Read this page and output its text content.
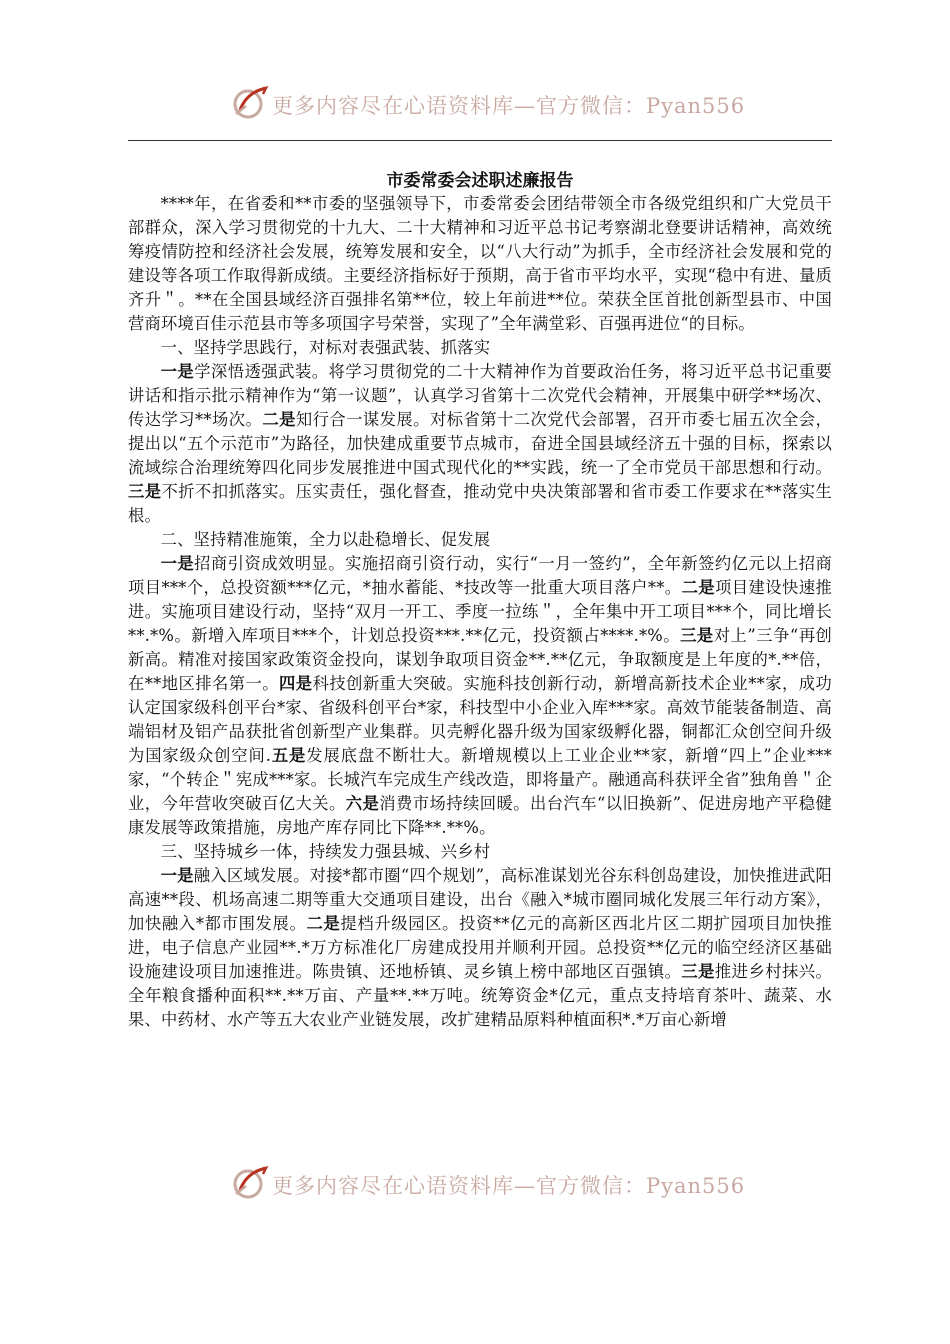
更多内容尽在心语资料库—官方微信：Pyan556
市委常委会述职述廉报告

****年，在省委和**市委的坚强领导下，市委常委会团结带领全市各级党组织和广大党员干部群众，深入学习贯彻党的十九大、二十大精神和习近平总书记考察湖北登要讲话精神，高效统筹疫情防控和经济社会发展，统筹发展和安全，以“八大行动”为抓手，全市经济社会发展和党的建设等各项工作取得新成绩。主要经济指标好于预期，高于省市平均水平，实现“稳中有进、量质齐升＂。**在全国县域经济百强排名第**位，较上年前进**位。荣获全匡首批创新型县市、中国营商环境百佳示范县市等多项国字号荣誉，实现了”全年满堂彩、百强再进位“的目标。

一、坚持学思践行，对标对表强武装、抓落实

一是学深悟透强武装。将学习贯彻党的二十大精神作为首要政治任务，将习近平总书记重要讲话和指示批示精神作为“第一议题”，认真学习省第十二次党代会精神，开展集中研学**场次、传达学习**场次。二是知行合一谋发展。对标省第十二次党代会部署，召开市委七届五次全会，提出以“五个示范市”为路径，加快建成重要节点城市，奋进全国县域经济五十强的目标，探索以流域综合治理统筹四化同步发展推进中国式现代化的**实践，统一了全市党员干部思想和行动。三是不折不扣抓落实。压实责任，强化督查，推动党中央决策部署和省市委工作要求在**落实生根。

二、坚持精准施策，全力以赴稳增长、促发展

一是招商引资成效明显。实施招商引资行动，实行“一月一签约”，全年新签约亿元以上招商项目***个，总投资额***亿元，*抽水蓄能、*技改等一批重大项目落户**。二是项目建设快速推进。实施项目建设行动，坚持“双月一开工、季度一拉练＂，全年集中开工项目***个，同比增长**.*%。新增入库项目***个，计划总投资***.**亿元，投资额占****.*%。三是对上”三争“再创新高。精准对接国家政策资金投向，谋划争取项目资金**.**亿元，争取额度是上年度的*.**倍，在**地区排名第一。四是科技创新重大突破。实施科技创新行动，新增高新技术企业**家，成功认定国家级科创平台*家、省级科创平台*家，科技型中小企业入库***家。高效节能装备制造、高端铝材及铝产品获批省创新型产业集群。贝壳孵化器升级为国家级孵化器，铜都汇众创空间升级为国家级众创空间.五是发展底盘不断壮大。新增规模以上工业企业**家，新增“四上”企业***家，“个转企＂宪成***家。长城汽车完成生产线改造，即将量产。融通高科获评全省”独角兽＂企业，今年营收突破百亿大关。六是消费市场持续回暖。出台汽车“以旧换新”、促进房地产平稳健康发展等政策措施，房地产库存同比下降**.**%。

三、坚持城乡一体，持续发力强县城、兴乡村

一是融入区域发展。对接*都市圈“四个规划”，高标准谋划光谷东科创岛建设，加快推进武阳高速**段、机场高速二期等重大交通项目建设，出台《融入*城市圈同城化发展三年行动方案》，加快融入*都市围发展。二是提档升级园区。投资**亿元的高新区西北片区二期扩园项目加快推进，电子信息产业园**.*万方标准化厂房建成投用并顺利开园。总投资**亿元的临空经济区基础设施建设项目加速推进。陈贵镇、还地桥镇、灵乡镇上榜中部地区百强镇。三是推进乡村抹兴。全年粮食播种面积**.**万亩、产量**.**万吨。统筹资金*亿元，重点支持培育茶叶、蔬菜、水果、中药材、水产等五大农业产业链发展，改扩建精品原料种植面积*.*万亩心新增

更多内容尽在心语资料库—官方微信：Pyan556
